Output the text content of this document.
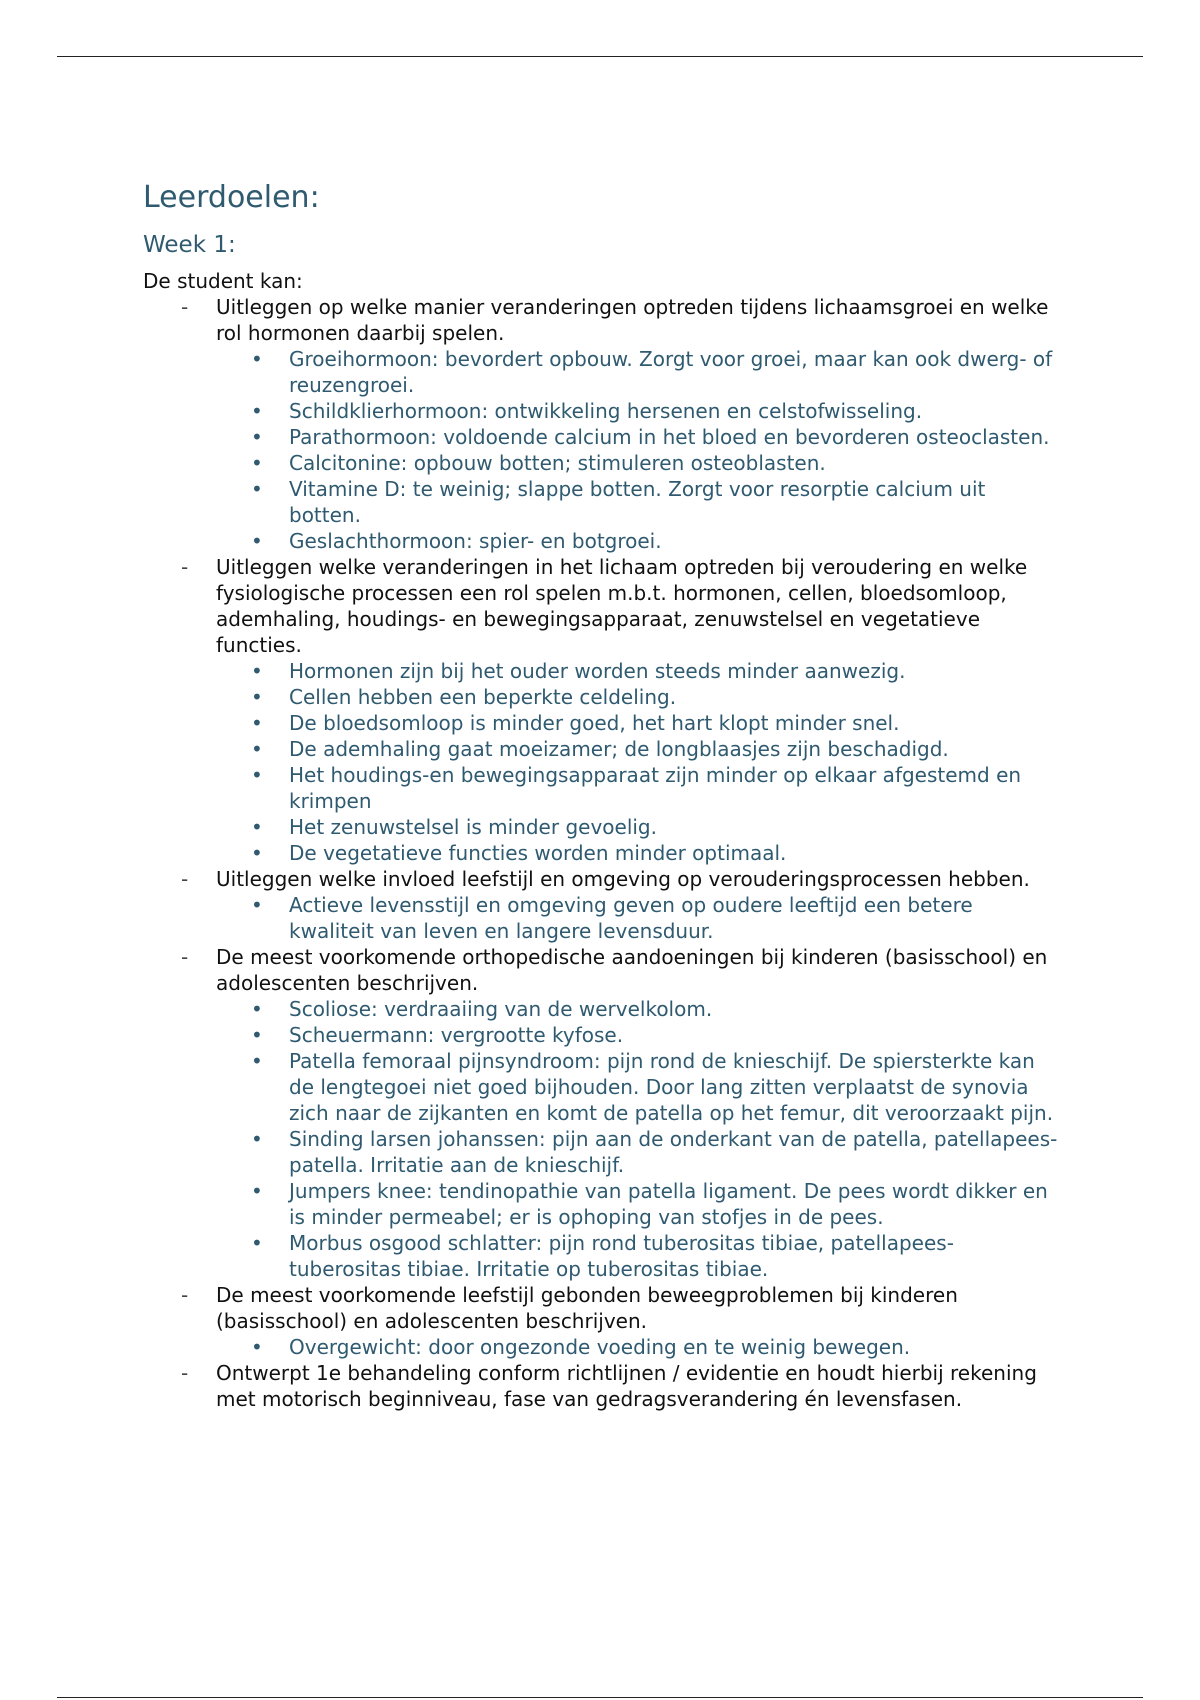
Leerdoelen:
Week 1:

De student kan:

- Uitleggen op welke manier veranderingen optreden tijdens lichaamsgroei en welke rol hormonen daarbij spelen.
• Groeihormoon: bevordert opbouw. Zorgt voor groei, maar kan ook dwerg- of reuzengroei.
• Schildklierhormoon: ontwikkeling hersenen en celstofwisseling.
• Parathormoon: voldoende calcium in het bloed en bevorderen osteoclasten.
• Calcitonine: opbouw botten; stimuleren osteoblasten.
• Vitamine D: te weinig; slappe botten. Zorgt voor resorptie calcium uit botten.
• Geslachthormoon: spier- en botgroei.
- Uitleggen welke veranderingen in het lichaam optreden bij veroudering en welke fysiologische processen een rol spelen m.b.t. hormonen, cellen, bloedsomloop, ademhaling, houdings- en bewegingsapparaat, zenuwstelsel en vegetatieve functies.
• Hormonen zijn bij het ouder worden steeds minder aanwezig.
• Cellen hebben een beperkte celdeling.
• De bloedsomloop is minder goed, het hart klopt minder snel.
• De ademhaling gaat moeizamer; de longblaasjes zijn beschadigd.
• Het houdings-en bewegingsapparaat zijn minder op elkaar afgestemd en krimpen
• Het zenuwstelsel is minder gevoelig.
• De vegetatieve functies worden minder optimaal.
- Uitleggen welke invloed leefstijl en omgeving op verouderingsprocessen hebben.
• Actieve levensstijl en omgeving geven op oudere leeftijd een betere kwaliteit van leven en langere levensduur.
- De meest voorkomende orthopedische aandoeningen bij kinderen (basisschool) en adolescenten beschrijven.
• Scoliose: verdraaiing van de wervelkolom.
• Scheuermann: vergrootte kyfose.
• Patella femoraal pijnsyndroom: pijn rond de knieschijf. De spiersterkte kan de lengtegoei niet goed bijhouden. Door lang zitten verplaatst de synovia zich naar de zijkanten en komt de patella op het femur, dit veroorzaakt pijn.
• Sinding larsen johanssen: pijn aan de onderkant van de patella, patellapees-patella. Irritatie aan de knieschijf.
• Jumpers knee: tendinopathie van patella ligament. De pees wordt dikker en is minder permeabel; er is ophoping van stofjes in de pees.
• Morbus osgood schlatter: pijn rond tuberositas tibiae, patellapees-tuberositas tibiae. Irritatie op tuberositas tibiae.
- De meest voorkomende leefstijl gebonden beweegproblemen bij kinderen (basisschool) en adolescenten beschrijven.
• Overgewicht: door ongezonde voeding en te weinig bewegen.
- Ontwerpt 1e behandeling conform richtlijnen / evidentie en houdt hierbij rekening met motorisch beginniveau, fase van gedragsverandering én levensfasen.
